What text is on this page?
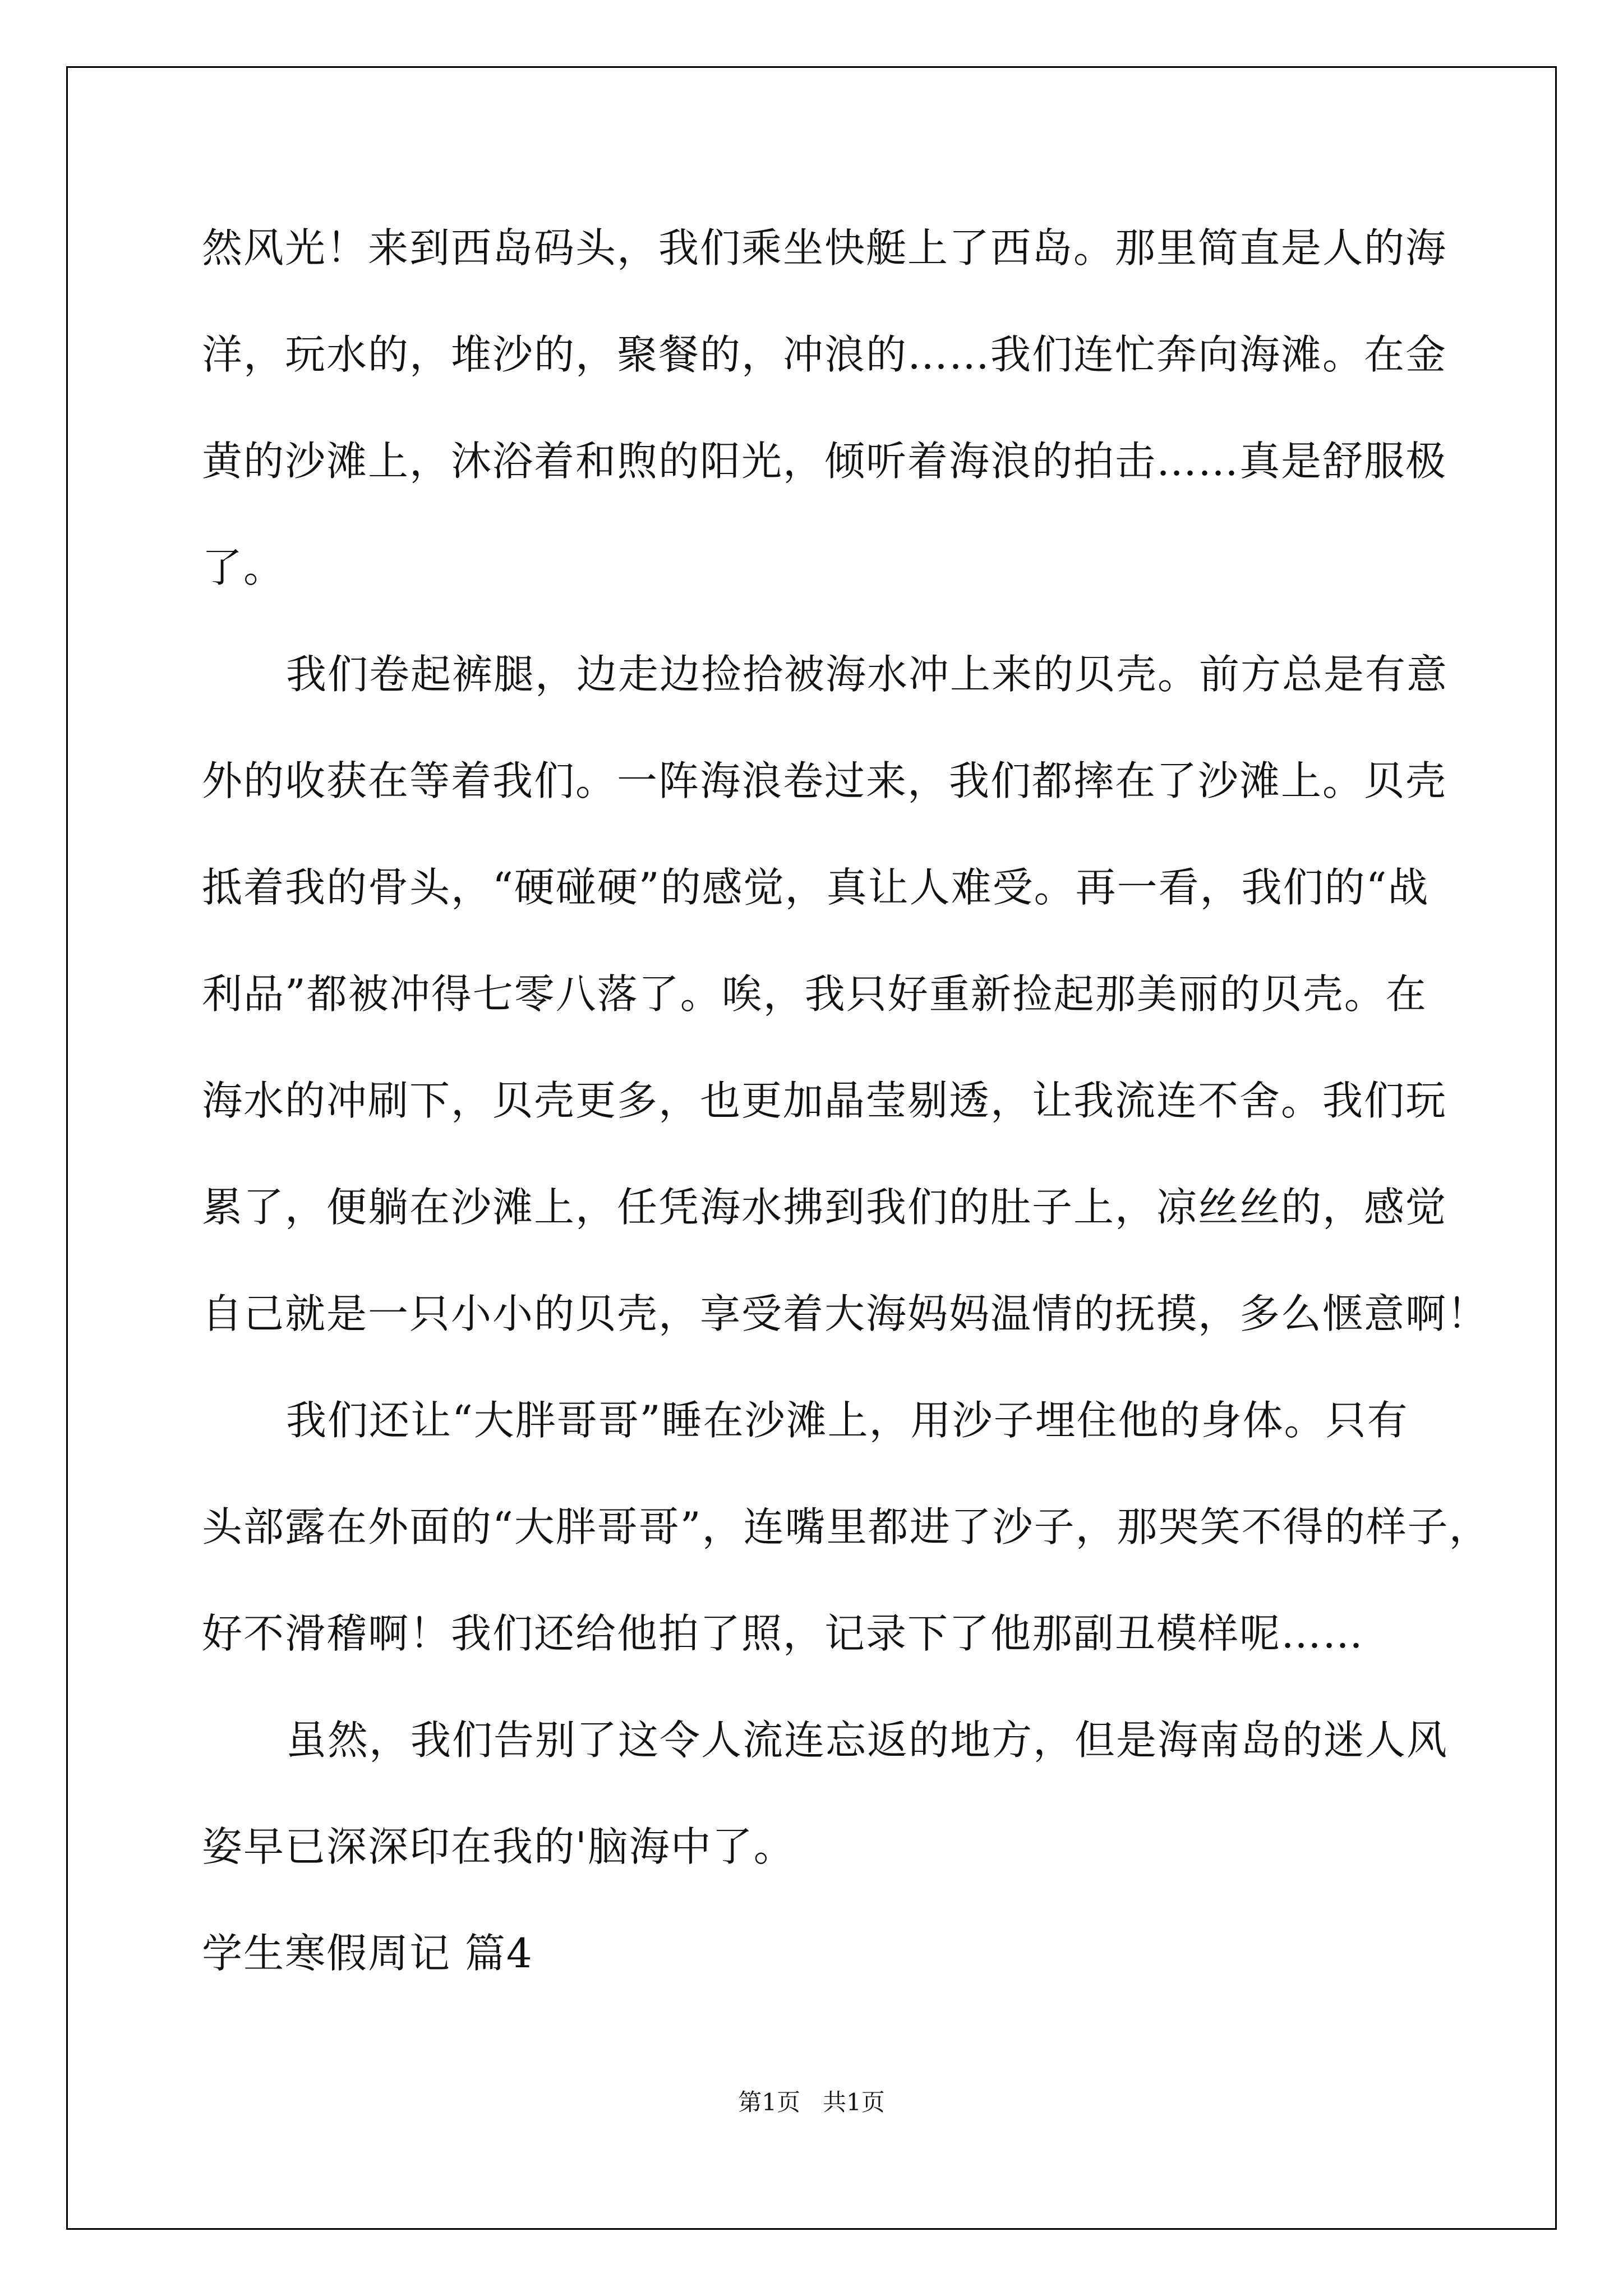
然风光！来到西岛码头，我们乘坐快艇上了西岛。那里简直是人的海

洋，玩水的，堆沙的，聚餐的，冲浪的……我们连忙奔向海滩。在金

黄的沙滩上，沐浴着和煦的阳光，倾听着海浪的拍击……真是舒服极

了。

我们卷起裤腿，边走边捡拾被海水冲上来的贝壳。前方总是有意

外的收获在等着我们。一阵海浪卷过来，我们都摔在了沙滩上。贝壳

抵着我的骨头，“硬碰硬”的感觉，真让人难受。再一看，我们的“战

利品”都被冲得七零八落了。唉，我只好重新捡起那美丽的贝壳。在

海水的冲刷下，贝壳更多，也更加晶莹剔透，让我流连不舍。我们玩

累了，便躺在沙滩上，任凭海水拂到我们的肚子上，凉丝丝的，感觉

自己就是一只小小的贝壳，享受着大海妈妈温情的抚摸，多么惬意啊！

我们还让“大胖哥哥”睡在沙滩上，用沙子埋住他的身体。只有

头部露在外面的“大胖哥哥”，连嘴里都进了沙子，那哭笑不得的样子，

好不滑稽啊！我们还给他拍了照，记录下了他那副丑模样呢……

虽然，我们告别了这令人流连忘返的地方，但是海南岛的迷人风

姿早已深深印在我的'脑海中了。

学生寒假周记 篇4

第1页   共1页
